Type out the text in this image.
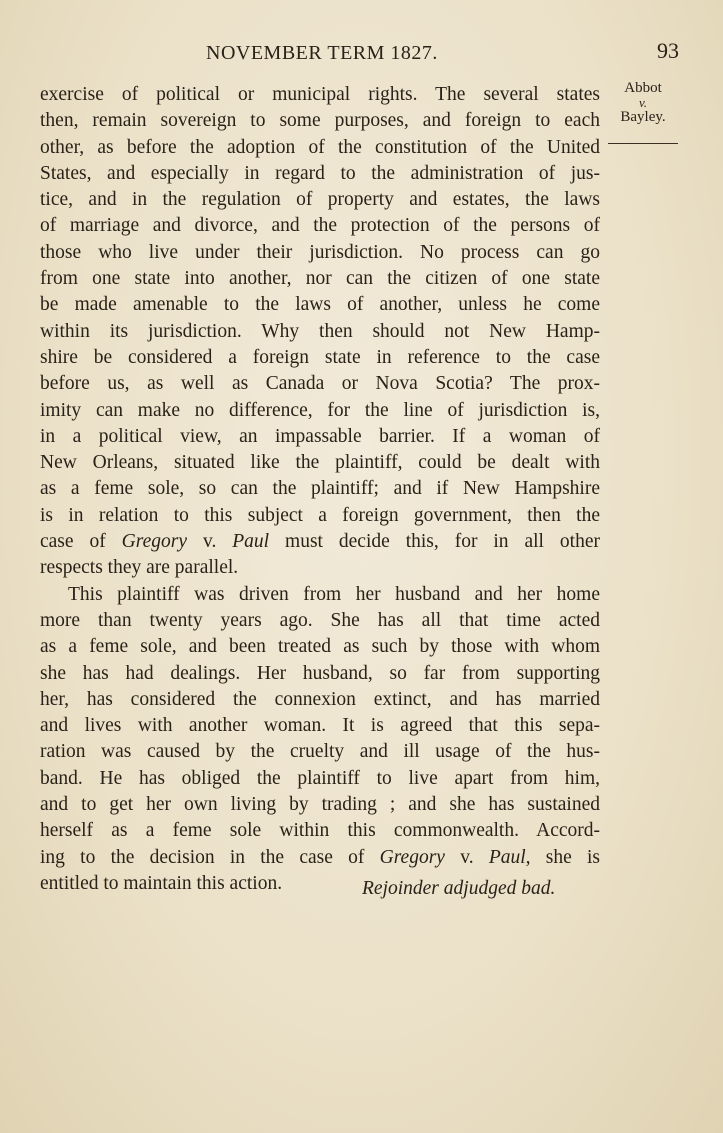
NOVEMBER TERM 1827.	93
Abbot
v.
Bayley.
exercise of political or municipal rights. The several states
then, remain sovereign to some purposes, and foreign to each
other, as before the adoption of the constitution of the United
States, and especially in regard to the administration of jus-
tice, and in the regulation of property and estates, the laws
of marriage and divorce, and the protection of the persons of
those who live under their jurisdiction. No process can go
from one state into another, nor can the citizen of one state
be made amenable to the laws of another, unless he come
within its jurisdiction. Why then should not New Hamp-
shire be considered a foreign state in reference to the case
before us, as well as Canada or Nova Scotia? The prox-
imity can make no difference, for the line of jurisdiction is,
in a political view, an impassable barrier. If a woman of
New Orleans, situated like the plaintiff, could be dealt with
as a feme sole, so can the plaintiff; and if New Hampshire
is in relation to this subject a foreign government, then the
case of Gregory v. Paul must decide this, for in all other
respects they are parallel.
This plaintiff was driven from her husband and her home
more than twenty years ago. She has all that time acted
as a feme sole, and been treated as such by those with whom
she has had dealings. Her husband, so far from supporting
her, has considered the connexion extinct, and has married
and lives with another woman. It is agreed that this sepa-
ration was caused by the cruelty and ill usage of the hus-
band. He has obliged the plaintiff to live apart from him,
and to get her own living by trading ; and she has sustained
herself as a feme sole within this commonwealth. Accord-
ing to the decision in the case of Gregory v. Paul, she is
entitled to maintain this action.	Rejoinder adjudged bad.
